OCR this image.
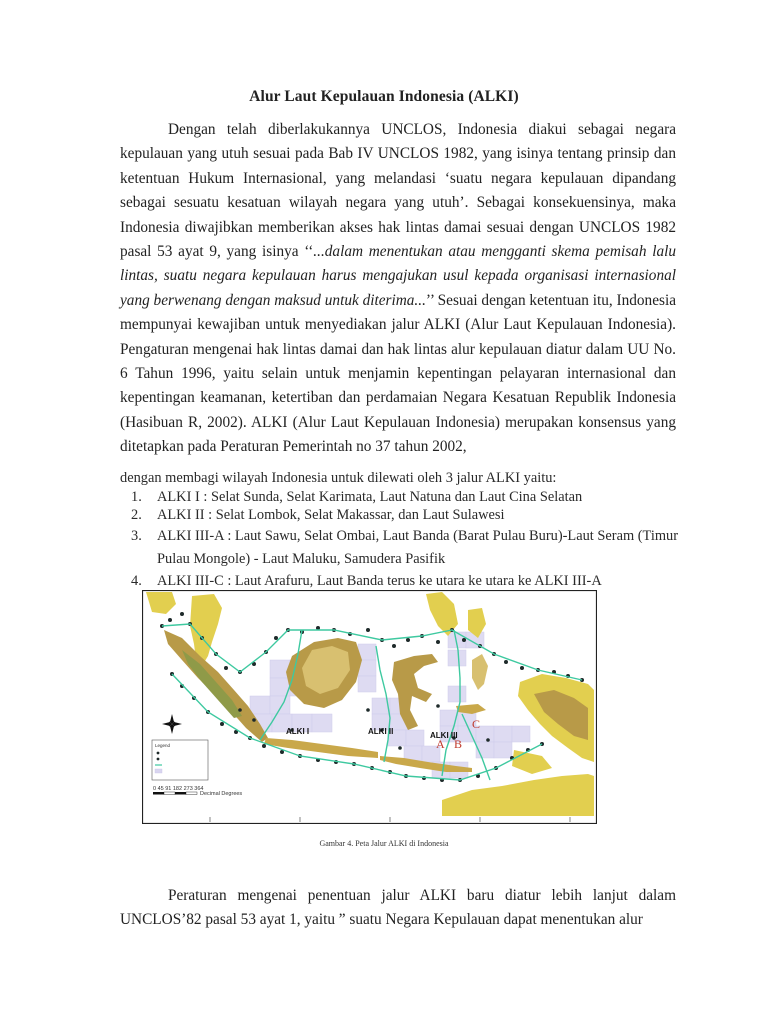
Alur Laut Kepulauan Indonesia (ALKI)
Dengan telah diberlakukannya UNCLOS, Indonesia diakui sebagai negara kepulauan yang utuh sesuai pada Bab IV UNCLOS 1982, yang isinya tentang prinsip dan ketentuan Hukum Internasional, yang melandasi ‘suatu negara kepulauan dipandang sebagai sesuatu kesatuan wilayah negara yang utuh’. Sebagai konsekuensinya, maka Indonesia diwajibkan memberikan akses hak lintas damai sesuai dengan UNCLOS 1982 pasal 53 ayat 9, yang isinya ‘‘...dalam menentukan atau mengganti skema pemisah lalu lintas, suatu negara kepulauan harus mengajukan usul kepada organisasi internasional yang berwenang dengan maksud untuk diterima...’’ Sesuai dengan ketentuan itu, Indonesia mempunyai kewajiban untuk menyediakan jalur ALKI (Alur Laut Kepulauan Indonesia). Pengaturan mengenai hak lintas damai dan hak lintas alur kepulauan diatur dalam UU No. 6 Tahun 1996, yaitu selain untuk menjamin kepentingan pelayaran internasional dan kepentingan keamanan, ketertiban dan perdamaian Negara Kesatuan Republik Indonesia (Hasibuan R, 2002). ALKI (Alur Laut Kepulauan Indonesia) merupakan konsensus yang ditetapkan pada Peraturan Pemerintah no 37 tahun 2002,
dengan membagi wilayah Indonesia untuk dilewati oleh 3 jalur ALKI yaitu:
1. ALKI I : Selat Sunda, Selat Karimata, Laut Natuna dan Laut Cina Selatan
2. ALKI II : Selat Lombok, Selat Makassar, dan Laut Sulawesi
3. ALKI III-A : Laut Sawu, Selat Ombai, Laut Banda (Barat Pulau Buru)-Laut Seram (Timur Pulau Mongole) - Laut Maluku, Samudera Pasifik
4. ALKI III-C : Laut Arafuru, Laut Banda terus ke utara ke utara ke ALKI III-A
ALKI I	ALKI II	ALKI III
A B
C
Legend
0 45 91 182 273 364
Decimal Degrees
Gambar 4. Peta Jalur ALKI di Indonesia
Peraturan mengenai penentuan jalur ALKI baru diatur lebih lanjut dalam UNCLOS’82 pasal 53 ayat 1, yaitu ” suatu Negara Kepulauan dapat menentukan alur
